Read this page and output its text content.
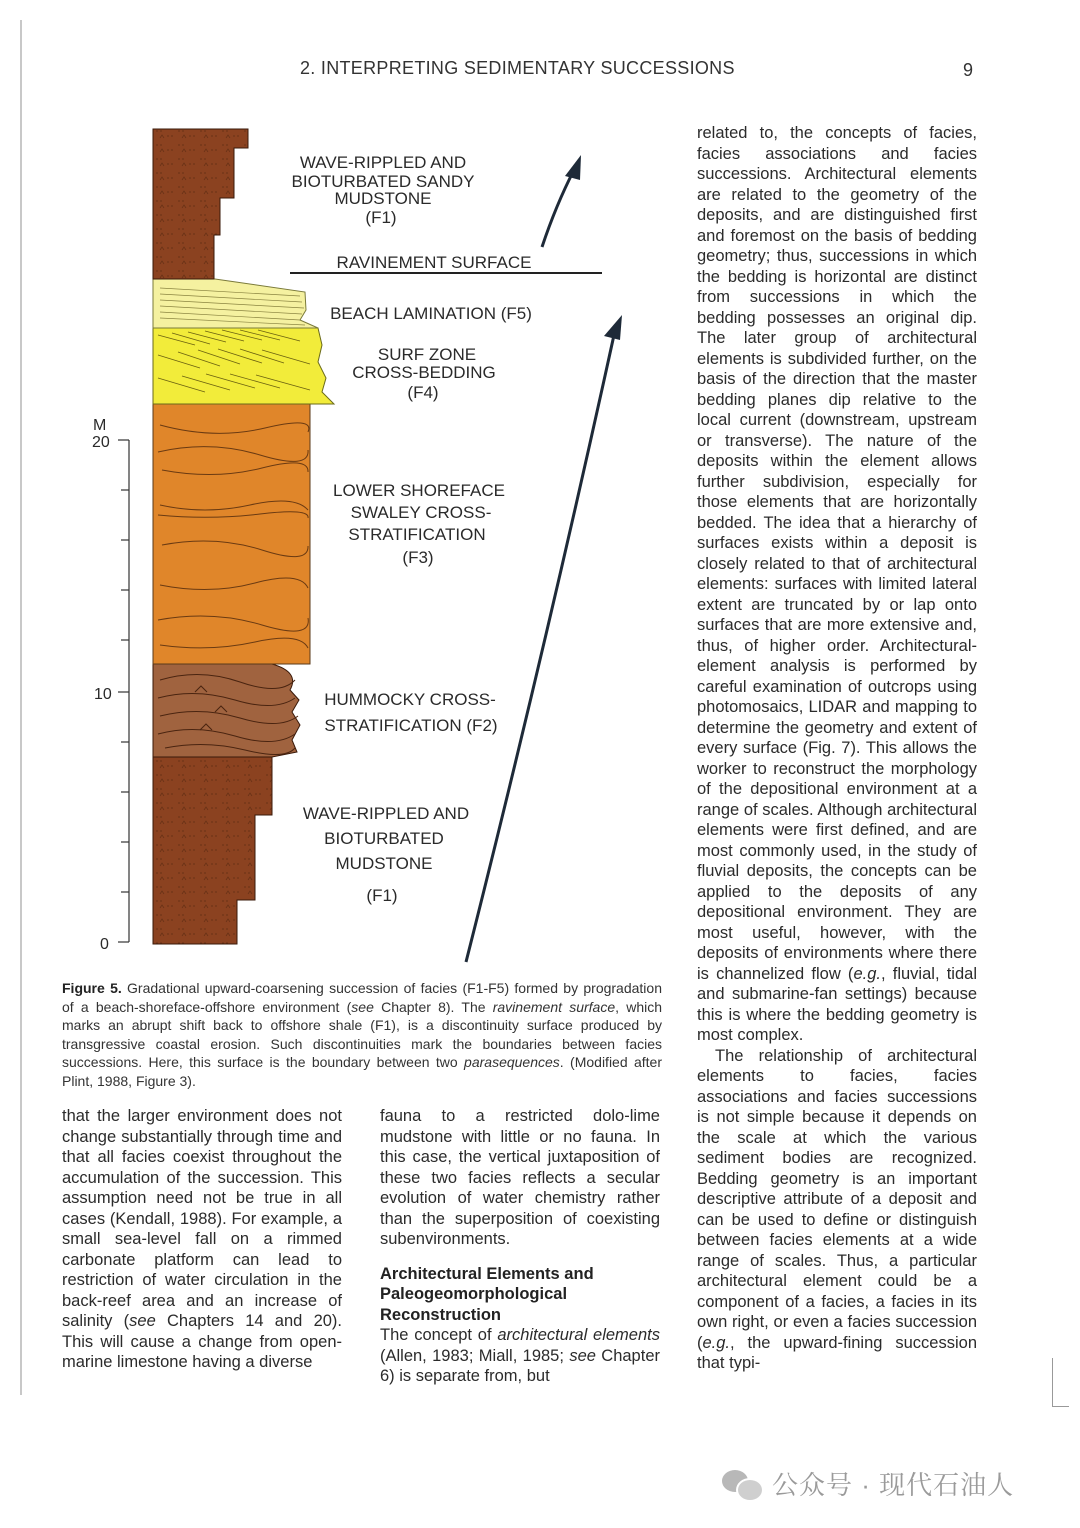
2. INTERPRETING SEDIMENTARY SUCCESSIONS	9
M
20
10
0
WAVE-RIPPLED AND
BIOTURBATED SANDY
MUDSTONE
(F1)
RAVINEMENT SURFACE
BEACH LAMINATION (F5)
SURF ZONE
CROSS-BEDDING
(F4)
LOWER SHOREFACE
SWALEY CROSS-
STRATIFICATION
(F3)
HUMMOCKY CROSS-
STRATIFICATION (F2)
WAVE-RIPPLED AND
BIOTURBATED
MUDSTONE
(F1)
Figure 5. Gradational upward-coarsening succession of facies (F1-F5) formed by progradation of a beach-shoreface-offshore environment (see Chapter 8). The ravinement surface, which marks an abrupt shift back to offshore shale (F1), is a discontinuity surface produced by transgressive coastal erosion. Such discontinuities mark the boundaries between facies successions. Here, this surface is the boundary between two parasequences. (Modified after Plint, 1988, Figure 3).

related to, the concepts of facies, facies associations and facies successions. Architectural elements are related to the geometry of the deposits, and are distinguished first and foremost on the basis of bedding geometry; thus, successions in which the bedding is horizontal are distinct from successions in which the bedding possesses an original dip. The later group of architectural elements is subdivided further, on the basis of the direction that the master bedding planes dip relative to the local current (downstream, upstream or transverse). The nature of the deposits within the element allows further subdivision, especially for those elements that are horizontally bedded. The idea that a hierarchy of surfaces exists within a deposit is closely related to that of architectural elements: surfaces with limited lateral extent are truncated by or lap onto surfaces that are more extensive and, thus, of higher order. Architectural-element analysis is performed by careful examination of outcrops using photomosaics, LIDAR and mapping to determine the geometry and extent of every surface (Fig. 7). This allows the worker to reconstruct the morphology of the depositional environment at a range of scales. Although architectural elements were first defined, and are most commonly used, in the study of fluvial deposits, the concepts can be applied to the deposits of any depositional environment. They are most useful, however, with the deposits of environments where there is channelized flow (e.g., fluvial, tidal and submarine-fan settings) because this is where the bedding geometry is most complex.

The relationship of architectural elements to facies, facies associations and facies successions is not simple because it depends on the scale at which the various sediment bodies are recognized. Bedding geometry is an important descriptive attribute of a deposit and can be used to define or distinguish between facies elements at a wide range of scales. Thus, a particular architectural element could be a component of a facies, a facies in its own right, or even a facies succession (e.g., the upward-fining succession that typi-

that the larger environment does not change substantially through time and that all facies coexist throughout the accumulation of the succession. This assumption need not be true in all cases (Kendall, 1988). For example, a small sea-level fall on a rimmed carbonate platform can lead to restriction of water circulation in the back-reef area and an increase of salinity (see Chapters 14 and 20). This will cause a change from open-marine limestone having a diverse

fauna to a restricted dolo-lime mudstone with little or no fauna. In this case, the vertical juxtaposition of these two facies reflects a secular evolution of water chemistry rather than the superposition of coexisting subenvironments.

Architectural Elements and Paleogeomorphological Reconstruction

The concept of architectural elements (Allen, 1983; Miall, 1985; see Chapter 6) is separate from, but

公众号 · 现代石油人
